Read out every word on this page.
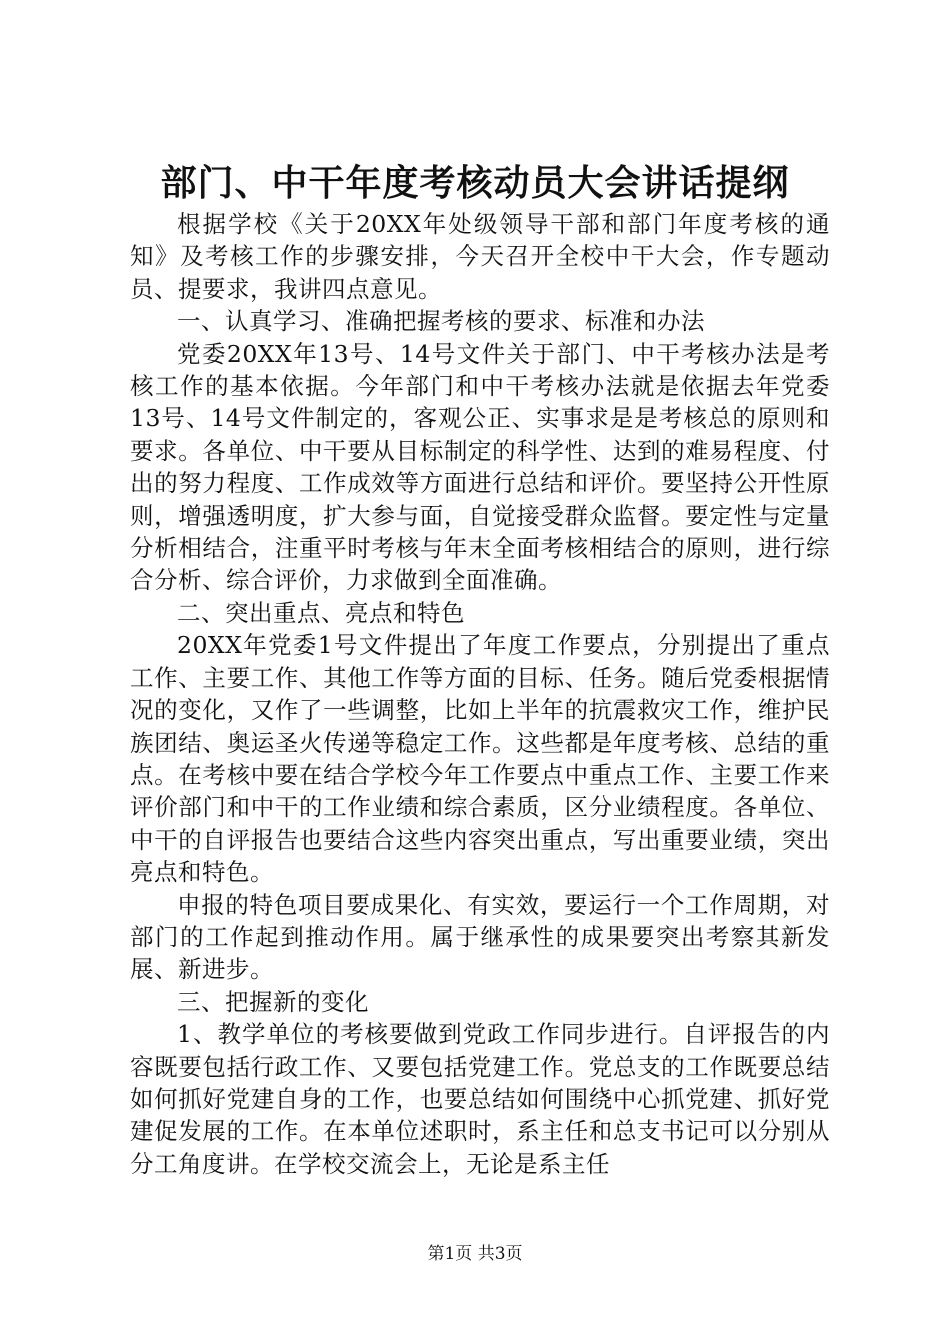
部门、中干年度考核动员大会讲话提纲

根据学校《关于20XX年处级领导干部和部门年度考核的通知》及考核工作的步骤安排，今天召开全校中干大会，作专题动员、提要求，我讲四点意见。

一、认真学习、准确把握考核的要求、标准和办法

党委20XX年13号、14号文件关于部门、中干考核办法是考核工作的基本依据。今年部门和中干考核办法就是依据去年党委13号、14号文件制定的，客观公正、实事求是是考核总的原则和要求。各单位、中干要从目标制定的科学性、达到的难易程度、付出的努力程度、工作成效等方面进行总结和评价。要坚持公开性原则，增强透明度，扩大参与面，自觉接受群众监督。要定性与定量分析相结合，注重平时考核与年末全面考核相结合的原则，进行综合分析、综合评价，力求做到全面准确。

二、突出重点、亮点和特色

20XX年党委1号文件提出了年度工作要点，分别提出了重点工作、主要工作、其他工作等方面的目标、任务。随后党委根据情况的变化，又作了一些调整，比如上半年的抗震救灾工作，维护民族团结、奥运圣火传递等稳定工作。这些都是年度考核、总结的重点。在考核中要在结合学校今年工作要点中重点工作、主要工作来评价部门和中干的工作业绩和综合素质，区分业绩程度。各单位、中干的自评报告也要结合这些内容突出重点，写出重要业绩，突出亮点和特色。

申报的特色项目要成果化、有实效，要运行一个工作周期，对部门的工作起到推动作用。属于继承性的成果要突出考察其新发展、新进步。

三、把握新的变化

1、教学单位的考核要做到党政工作同步进行。自评报告的内容既要包括行政工作、又要包括党建工作。党总支的工作既要总结如何抓好党建自身的工作，也要总结如何围绕中心抓党建、抓好党建促发展的工作。在本单位述职时，系主任和总支书记可以分别从分工角度讲。在学校交流会上，无论是系主任

第1页 共3页
